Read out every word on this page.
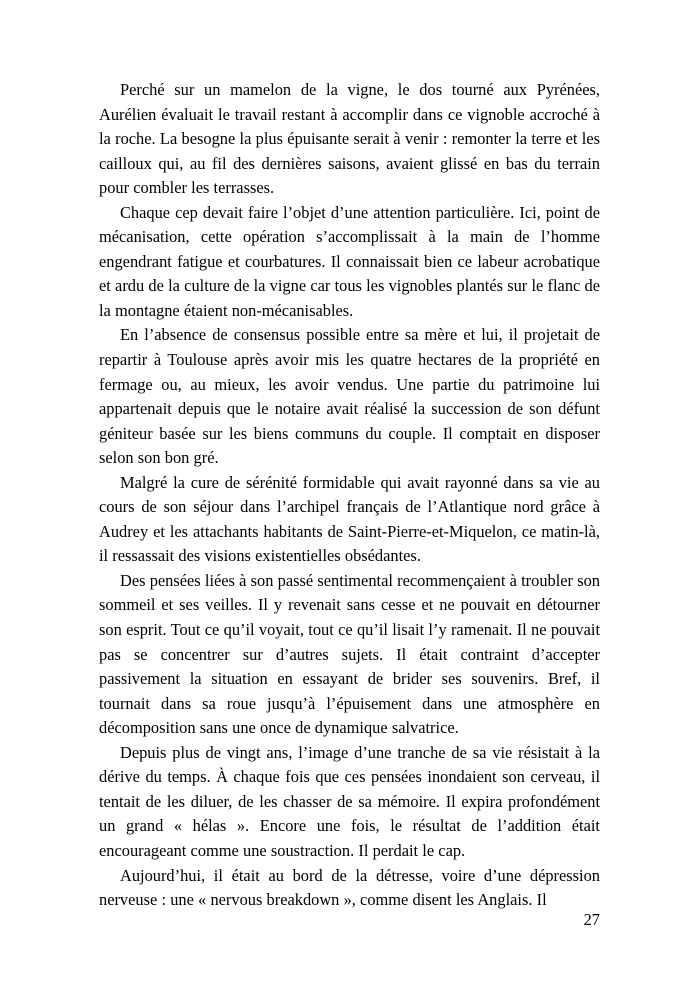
Perché sur un mamelon de la vigne, le dos tourné aux Pyrénées, Aurélien évaluait le travail restant à accomplir dans ce vignoble accroché à la roche. La besogne la plus épuisante serait à venir : remonter la terre et les cailloux qui, au fil des dernières saisons, avaient glissé en bas du terrain pour combler les terrasses.

Chaque cep devait faire l’objet d’une attention particulière. Ici, point de mécanisation, cette opération s’accomplissait à la main de l’homme engendrant fatigue et courbatures. Il connaissait bien ce labeur acrobatique et ardu de la culture de la vigne car tous les vignobles plantés sur le flanc de la montagne étaient non-mécanisables.

En l’absence de consensus possible entre sa mère et lui, il projetait de repartir à Toulouse après avoir mis les quatre hectares de la propriété en fermage ou, au mieux, les avoir vendus. Une partie du patrimoine lui appartenait depuis que le notaire avait réalisé la succession de son défunt géniteur basée sur les biens communs du couple. Il comptait en disposer selon son bon gré.

Malgré la cure de sérénité formidable qui avait rayonné dans sa vie au cours de son séjour dans l’archipel français de l’Atlantique nord grâce à Audrey et les attachants habitants de Saint-Pierre-et-Miquelon, ce matin-là, il ressassait des visions existentielles obsédantes.

Des pensées liées à son passé sentimental recommençaient à troubler son sommeil et ses veilles. Il y revenait sans cesse et ne pouvait en détourner son esprit. Tout ce qu’il voyait, tout ce qu’il lisait l’y ramenait. Il ne pouvait pas se concentrer sur d’autres sujets. Il était contraint d’accepter passivement la situation en essayant de brider ses souvenirs. Bref, il tournait dans sa roue jusqu’à l’épuisement dans une atmosphère en décomposition sans une once de dynamique salvatrice.

Depuis plus de vingt ans, l’image d’une tranche de sa vie résistait à la dérive du temps. À chaque fois que ces pensées inondaient son cerveau, il tentait de les diluer, de les chasser de sa mémoire. Il expira profondément un grand « hélas ». Encore une fois, le résultat de l’addition était encourageant comme une soustraction. Il perdait le cap.

Aujourd’hui, il était au bord de la détresse, voire d’une dépression nerveuse : une « nervous breakdown », comme disent les Anglais. Il

27
